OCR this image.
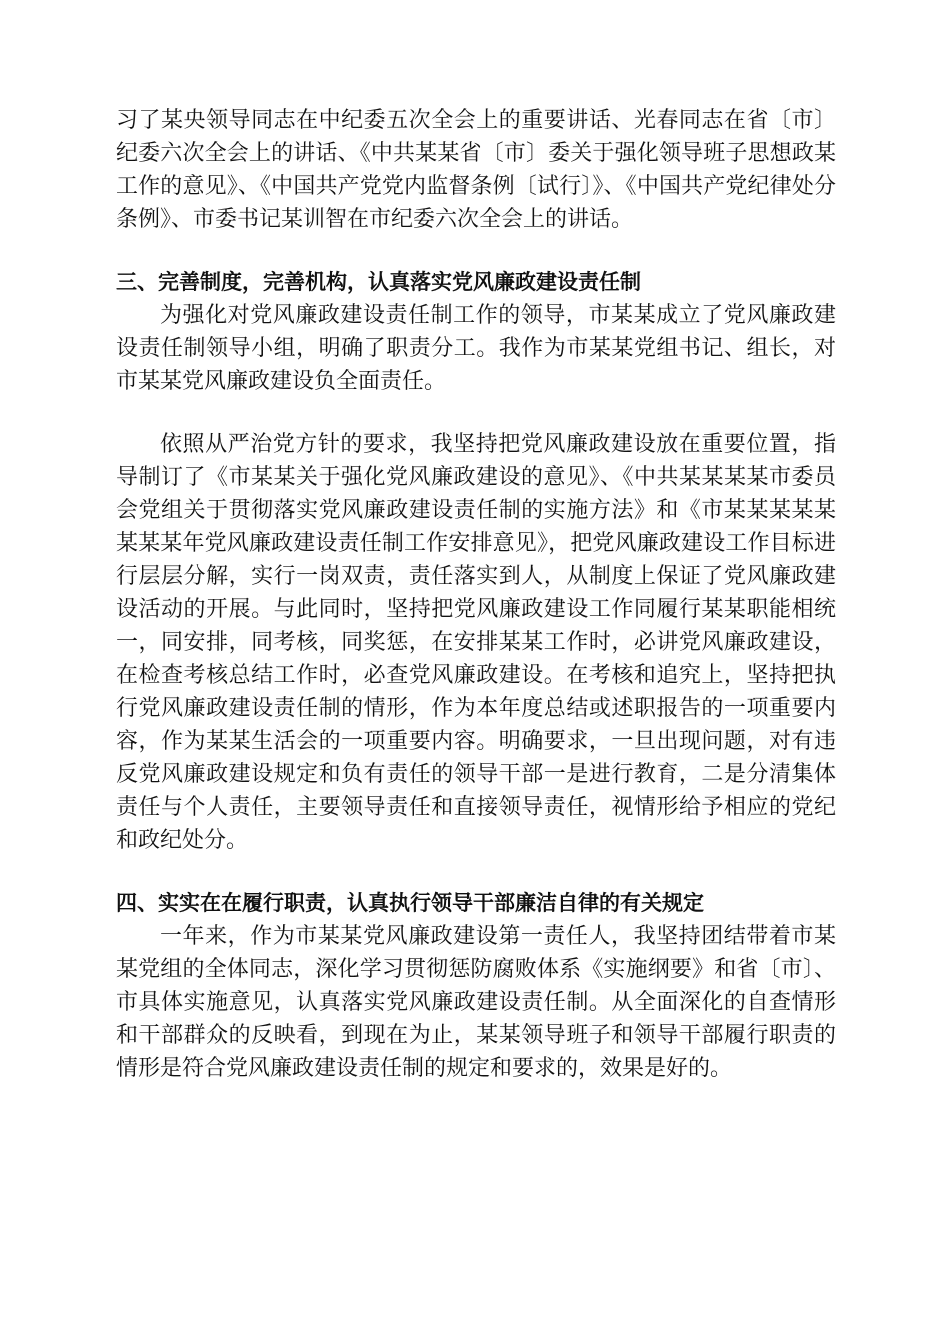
习了某央领导同志在中纪委五次全会上的重要讲话、光春同志在省〔市〕纪委六次全会上的讲话、《中共某某省〔市〕委关于强化领导班子思想政某工作的意见》、《中国共产党党内监督条例〔试行〕》、《中国共产党纪律处分条例》、市委书记某训智在市纪委六次全会上的讲话。

三、完善制度，完善机构，认真落实党风廉政建设责任制

为强化对党风廉政建设责任制工作的领导，市某某成立了党风廉政建设责任制领导小组，明确了职责分工。我作为市某某党组书记、组长，对市某某党风廉政建设负全面责任。

依照从严治党方针的要求，我坚持把党风廉政建设放在重要位置，指导制订了《市某某关于强化党风廉政建设的意见》、《中共某某某某市委员会党组关于贯彻落实党风廉政建设责任制的实施方法》和《市某某某某某某某某年党风廉政建设责任制工作安排意见》，把党风廉政建设工作目标进行层层分解，实行一岗双责，责任落实到人，从制度上保证了党风廉政建设活动的开展。与此同时，坚持把党风廉政建设工作同履行某某职能相统一，同安排，同考核，同奖惩，在安排某某工作时，必讲党风廉政建设，在检查考核总结工作时，必查党风廉政建设。在考核和追究上，坚持把执行党风廉政建设责任制的情形，作为本年度总结或述职报告的一项重要内容，作为某某生活会的一项重要内容。明确要求，一旦出现问题，对有违反党风廉政建设规定和负有责任的领导干部一是进行教育，二是分清集体责任与个人责任，主要领导责任和直接领导责任，视情形给予相应的党纪和政纪处分。

四、实实在在履行职责，认真执行领导干部廉洁自律的有关规定

一年来，作为市某某党风廉政建设第一责任人，我坚持团结带着市某某党组的全体同志，深化学习贯彻惩防腐败体系《实施纲要》和省〔市〕、市具体实施意见，认真落实党风廉政建设责任制。从全面深化的自查情形和干部群众的反映看，到现在为止，某某领导班子和领导干部履行职责的情形是符合党风廉政建设责任制的规定和要求的，效果是好的。
